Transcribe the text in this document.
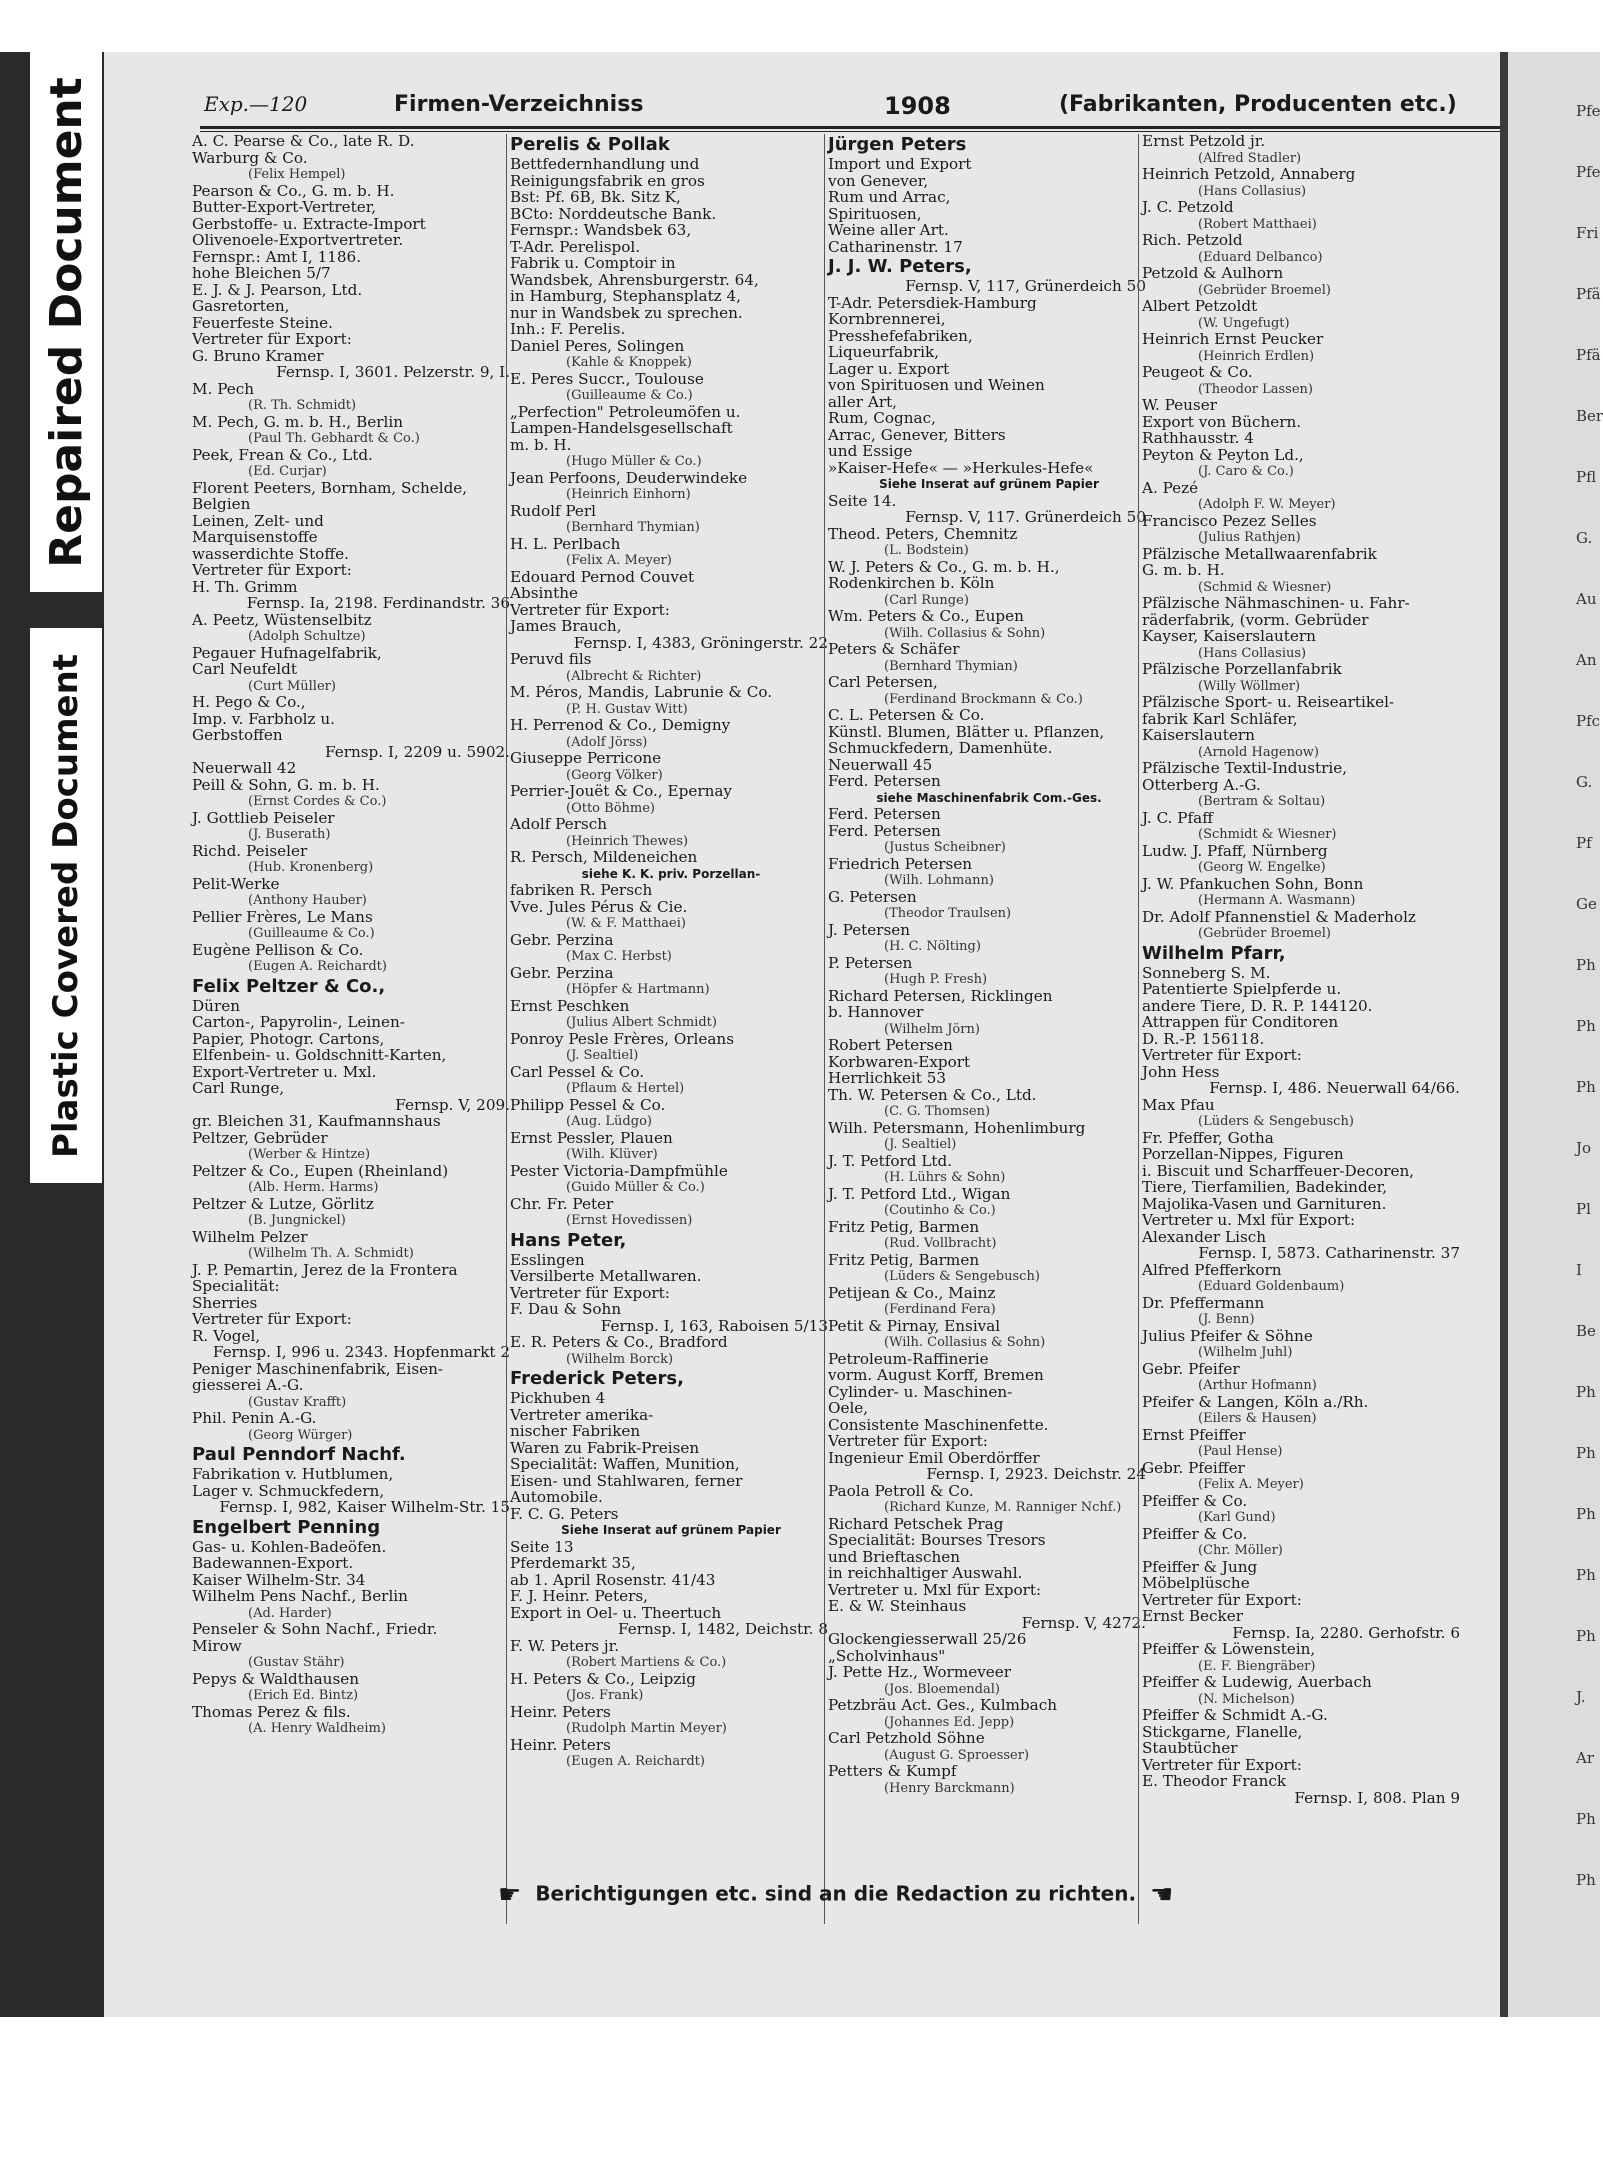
Repaired Document
Plastic Covered Document
Exp.—120	Firmen-Verzeichniss	1908	(Fabrikanten, Producenten etc.)
A. C. Pearse & Co., late R. D.
Warburg & Co.
(Felix Hempel)
Pearson & Co., G. m. b. H.
Butter-Export-Vertreter,
Gerbstoffe- u. Extracte-Import
Olivenoele-Exportvertreter.
Fernspr.: Amt I, 1186.
hohe Bleichen 5/7
E. J. & J. Pearson, Ltd.
Gasretorten,
Feuerfeste Steine.
Vertreter für Export:
G. Bruno Kramer
Fernsp. I, 3601. Pelzerstr. 9, I.
M. Pech
(R. Th. Schmidt)
M. Pech, G. m. b. H., Berlin
(Paul Th. Gebhardt & Co.)
Peek, Frean & Co., Ltd.
(Ed. Curjar)
Florent Peeters, Bornham, Schelde,
Belgien
Leinen, Zelt- und
Marquisenstoffe
wasserdichte Stoffe.
Vertreter für Export:
H. Th. Grimm
Fernsp. Ia, 2198. Ferdinandstr. 36
A. Peetz, Wüstenselbitz
(Adolph Schultze)
Pegauer Hufnagelfabrik,
Carl Neufeldt
(Curt Müller)
H. Pego & Co.,
Imp. v. Farbholz u.
Gerbstoffen
Fernsp. I, 2209 u. 5902.
Neuerwall 42
Peill & Sohn, G. m. b. H.
(Ernst Cordes & Co.)
J. Gottlieb Peiseler
(J. Buserath)
Richd. Peiseler
(Hub. Kronenberg)
Pelit-Werke
(Anthony Hauber)
Pellier Frères, Le Mans
(Guilleaume & Co.)
Eugène Pellison & Co.
(Eugen A. Reichardt)
Felix Peltzer & Co.,
Düren
Carton-, Papyrolin-, Leinen-
Papier, Photogr. Cartons,
Elfenbein- u. Goldschnitt-Karten,
Export-Vertreter u. Mxl.
Carl Runge,
Fernsp. V, 209.
gr. Bleichen 31, Kaufmannshaus
Peltzer, Gebrüder
(Werber & Hintze)
Peltzer & Co., Eupen (Rheinland)
(Alb. Herm. Harms)
Peltzer & Lutze, Görlitz
(B. Jungnickel)
Wilhelm Pelzer
(Wilhelm Th. A. Schmidt)
J. P. Pemartin, Jerez de la Frontera
Specialität:
Sherries
Vertreter für Export:
R. Vogel,
Fernsp. I, 996 u. 2343. Hopfenmarkt 2
Peniger Maschinenfabrik, Eisen-
giesserei A.-G.
(Gustav Krafft)
Phil. Penin A.-G.
(Georg Würger)
Paul Penndorf Nachf.
Fabrikation v. Hutblumen,
Lager v. Schmuckfedern,
Fernsp. I, 982, Kaiser Wilhelm-Str. 15
Engelbert Penning
Gas- u. Kohlen-Badeöfen.
Badewannen-Export.
Kaiser Wilhelm-Str. 34
Wilhelm Pens Nachf., Berlin
(Ad. Harder)
Penseler & Sohn Nachf., Friedr.
Mirow
(Gustav Stähr)
Pepys & Waldthausen
(Erich Ed. Bintz)
Thomas Perez & fils.
(A. Henry Waldheim)
Perelis & Pollak
Bettfedernhandlung und
Reinigungsfabrik en gros
Bst: Pf. 6B, Bk. Sitz K,
BCto: Norddeutsche Bank.
Fernspr.: Wandsbek 63,
T-Adr. Perelispol.
Fabrik u. Comptoir in
Wandsbek, Ahrensburgerstr. 64,
in Hamburg, Stephansplatz 4,
nur in Wandsbek zu sprechen.
Inh.: F. Perelis.
Daniel Peres, Solingen
(Kahle & Knoppek)
E. Peres Succr., Toulouse
(Guilleaume & Co.)
„Perfection" Petroleumöfen u.
Lampen-Handelsgesellschaft
m. b. H.
(Hugo Müller & Co.)
Jean Perfoons, Deuderwindeke
(Heinrich Einhorn)
Rudolf Perl
(Bernhard Thymian)
H. L. Perlbach
(Felix A. Meyer)
Edouard Pernod Couvet
Absinthe
Vertreter für Export:
James Brauch,
Fernsp. I, 4383, Gröningerstr. 22
Peruvd fils
(Albrecht & Richter)
M. Péros, Mandis, Labrunie & Co.
(P. H. Gustav Witt)
H. Perrenod & Co., Demigny
(Adolf Jörss)
Giuseppe Perricone
(Georg Völker)
Perrier-Jouët & Co., Epernay
(Otto Böhme)
Adolf Persch
(Heinrich Thewes)
R. Persch, Mildeneichen
siehe K. K. priv. Porzellan-
fabriken R. Persch
Vve. Jules Pérus & Cie.
(W. & F. Matthaei)
Gebr. Perzina
(Max C. Herbst)
Gebr. Perzina
(Höpfer & Hartmann)
Ernst Peschken
(Julius Albert Schmidt)
Ponroy Pesle Frères, Orleans
(J. Sealtiel)
Carl Pessel & Co.
(Pflaum & Hertel)
Philipp Pessel & Co.
(Aug. Lüdgo)
Ernst Pessler, Plauen
(Wilh. Klüver)
Pester Victoria-Dampfmühle
(Guido Müller & Co.)
Chr. Fr. Peter
(Ernst Hovedissen)
Hans Peter,
Esslingen
Versilberte Metallwaren.
Vertreter für Export:
F. Dau & Sohn
Fernsp. I, 163, Raboisen 5/13
E. R. Peters & Co., Bradford
(Wilhelm Borck)
Frederick Peters,
Pickhuben 4
Vertreter amerika-
nischer Fabriken
Waren zu Fabrik-Preisen
Specialität: Waffen, Munition,
Eisen- und Stahlwaren, ferner
Automobile.
F. C. G. Peters
Siehe Inserat auf grünem Papier
Seite 13
Pferdemarkt 35,
ab 1. April Rosenstr. 41/43
F. J. Heinr. Peters,
Export in Oel- u. Theertuch
Fernsp. I, 1482, Deichstr. 8
F. W. Peters jr.
(Robert Martiens & Co.)
H. Peters & Co., Leipzig
(Jos. Frank)
Heinr. Peters
(Rudolph Martin Meyer)
Heinr. Peters
(Eugen A. Reichardt)
Jürgen Peters
Import und Export
von Genever,
Rum und Arrac,
Spirituosen,
Weine aller Art.
Catharinenstr. 17
J. J. W. Peters,
Fernsp. V, 117, Grünerdeich 50
T-Adr. Petersdiek-Hamburg
Kornbrennerei,
Presshefefabriken,
Liqueurfabrik,
Lager u. Export
von Spirituosen und Weinen
aller Art,
Rum, Cognac,
Arrac, Genever, Bitters
und Essige
»Kaiser-Hefe« — »Herkules-Hefe«
Siehe Inserat auf grünem Papier
Seite 14.
Fernsp. V, 117. Grünerdeich 50
Theod. Peters, Chemnitz
(L. Bodstein)
W. J. Peters & Co., G. m. b. H.,
Rodenkirchen b. Köln
(Carl Runge)
Wm. Peters & Co., Eupen
(Wilh. Collasius & Sohn)
Peters & Schäfer
(Bernhard Thymian)
Carl Petersen,
(Ferdinand Brockmann & Co.)
C. L. Petersen & Co.
Künstl. Blumen, Blätter u. Pflanzen,
Schmuckfedern, Damenhüte.
Neuerwall 45
Ferd. Petersen
siehe Maschinenfabrik Com.-Ges.
Ferd. Petersen
Ferd. Petersen
(Justus Scheibner)
Friedrich Petersen
(Wilh. Lohmann)
G. Petersen
(Theodor Traulsen)
J. Petersen
(H. C. Nölting)
P. Petersen
(Hugh P. Fresh)
Richard Petersen, Ricklingen
b. Hannover
(Wilhelm Jörn)
Robert Petersen
Korbwaren-Export
Herrlichkeit 53
Th. W. Petersen & Co., Ltd.
(C. G. Thomsen)
Wilh. Petersmann, Hohenlimburg
(J. Sealtiel)
J. T. Petford Ltd.
(H. Lührs & Sohn)
J. T. Petford Ltd., Wigan
(Coutinho & Co.)
Fritz Petig, Barmen
(Rud. Vollbracht)
Fritz Petig, Barmen
(Lüders & Sengebusch)
Petijean & Co., Mainz
(Ferdinand Fera)
Petit & Pirnay, Ensival
(Wilh. Collasius & Sohn)
Petroleum-Raffinerie
vorm. August Korff, Bremen
Cylinder- u. Maschinen-
Oele,
Consistente Maschinenfette.
Vertreter für Export:
Ingenieur Emil Oberdörffer
Fernsp. I, 2923. Deichstr. 24
Paola Petroll & Co.
(Richard Kunze, M. Ranniger Nchf.)
Richard Petschek Prag
Specialität: Bourses Tresors
und Brieftaschen
in reichhaltiger Auswahl.
Vertreter u. Mxl für Export:
E. & W. Steinhaus
Fernsp. V, 4272.
Glockengiesserwall 25/26
„Scholvinhaus"
J. Pette Hz., Wormeveer
(Jos. Bloemendal)
Petzbräu Act. Ges., Kulmbach
(Johannes Ed. Jepp)
Carl Petzhold Söhne
(August G. Sproesser)
Petters & Kumpf
(Henry Barckmann)
Ernst Petzold jr.
(Alfred Stadler)
Heinrich Petzold, Annaberg
(Hans Collasius)
J. C. Petzold
(Robert Matthaei)
Rich. Petzold
(Eduard Delbanco)
Petzold & Aulhorn
(Gebrüder Broemel)
Albert Petzoldt
(W. Ungefugt)
Heinrich Ernst Peucker
(Heinrich Erdlen)
Peugeot & Co.
(Theodor Lassen)
W. Peuser
Export von Büchern.
Rathhausstr. 4
Peyton & Peyton Ld.,
(J. Caro & Co.)
A. Pezé
(Adolph F. W. Meyer)
Francisco Pezez Selles
(Julius Rathjen)
Pfälzische Metallwaarenfabrik
G. m. b. H.
(Schmid & Wiesner)
Pfälzische Nähmaschinen- u. Fahr-
räderfabrik, (vorm. Gebrüder
Kayser, Kaiserslautern
(Hans Collasius)
Pfälzische Porzellanfabrik
(Willy Wöllmer)
Pfälzische Sport- u. Reiseartikel-
fabrik Karl Schläfer,
Kaiserslautern
(Arnold Hagenow)
Pfälzische Textil-Industrie,
Otterberg A.-G.
(Bertram & Soltau)
J. C. Pfaff
(Schmidt & Wiesner)
Ludw. J. Pfaff, Nürnberg
(Georg W. Engelke)
J. W. Pfankuchen Sohn, Bonn
(Hermann A. Wasmann)
Dr. Adolf Pfannenstiel & Maderholz
(Gebrüder Broemel)
Wilhelm Pfarr,
Sonneberg S. M.
Patentierte Spielpferde u.
andere Tiere, D. R. P. 144120.
Attrappen für Conditoren
D. R.-P. 156118.
Vertreter für Export:
John Hess
Fernsp. I, 486. Neuerwall 64/66.
Max Pfau
(Lüders & Sengebusch)
Fr. Pfeffer, Gotha
Porzellan-Nippes, Figuren
i. Biscuit und Scharffeuer-Decoren,
Tiere, Tierfamilien, Badekinder,
Majolika-Vasen und Garnituren.
Vertreter u. Mxl für Export:
Alexander Lisch
Fernsp. I, 5873. Catharinenstr. 37
Alfred Pfefferkorn
(Eduard Goldenbaum)
Dr. Pfeffermann
(J. Benn)
Julius Pfeifer & Söhne
(Wilhelm Juhl)
Gebr. Pfeifer
(Arthur Hofmann)
Pfeifer & Langen, Köln a./Rh.
(Eilers & Hausen)
Ernst Pfeiffer
(Paul Hense)
Gebr. Pfeiffer
(Felix A. Meyer)
Pfeiffer & Co.
(Karl Gund)
Pfeiffer & Co.
(Chr. Möller)
Pfeiffer & Jung
Möbelplüsche
Vertreter für Export:
Ernst Becker
Fernsp. Ia, 2280. Gerhofstr. 6
Pfeiffer & Löwenstein,
(E. F. Biengräber)
Pfeiffer & Ludewig, Auerbach
(N. Michelson)
Pfeiffer & Schmidt A.-G.
Stickgarne, Flanelle,
Staubtücher
Vertreter für Export:
E. Theodor Franck
Fernsp. I, 808. Plan 9
☛ Berichtigungen etc. sind an die Redaction zu richten. ☚
Pfe
Pfe
Fri
Pfä
Pfä
Ber
Pfl
G.
Au
An
Pfc
G.
Pf
Ge
Ph
Ph
Ph
Jo
Pl
I
Be
Ph
Ph
Ph
Ph
Ph
J.
Ar
Ph
Ph
